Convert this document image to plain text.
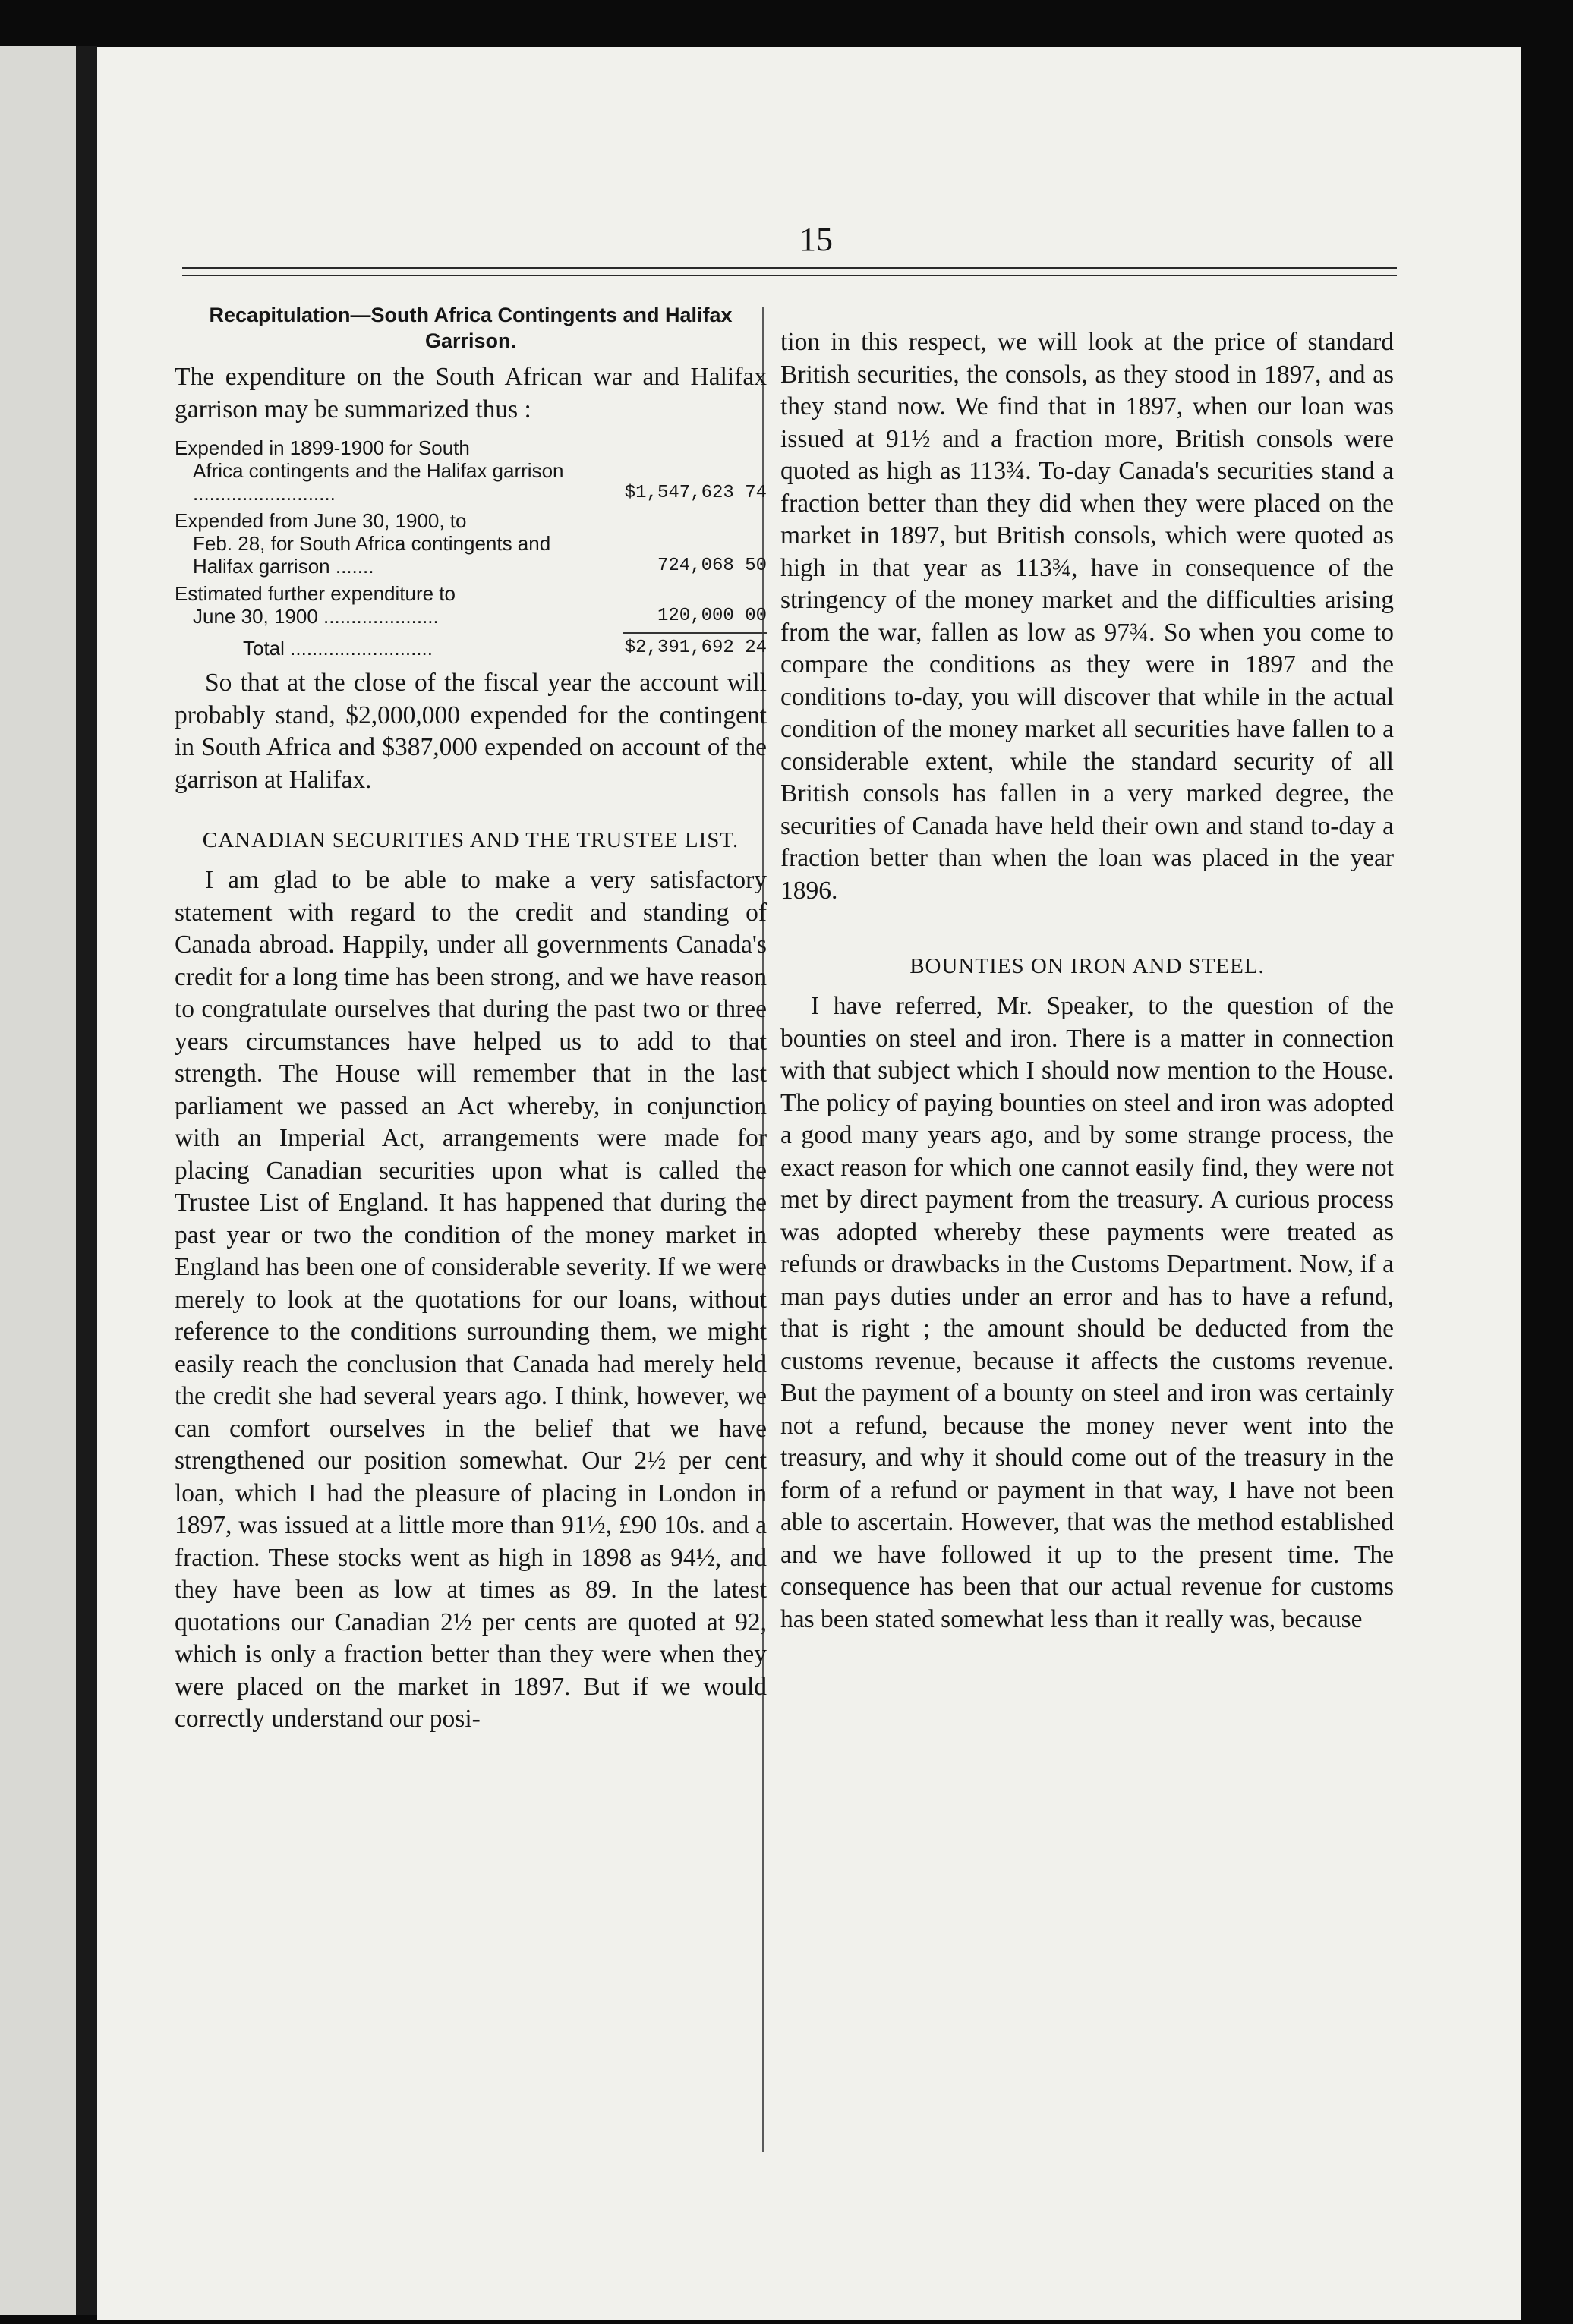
15
Recapitulation—South Africa Contingents and Halifax Garrison.

The expenditure on the South African war and Halifax garrison may be summarized thus :

Expended in 1899-1900 for South
Africa contingents and the Halifax garrison ..........................	$1,547,623 74
Expended from June 30, 1900, to
Feb. 28, for South Africa contingents and Halifax garrison .......	724,068 50
Estimated further expenditure to
June 30, 1900 .....................	120,000 00
Total ..........................	$2,391,692 24

So that at the close of the fiscal year the account will probably stand, $2,000,000 expended for the contingent in South Africa and $387,000 expended on account of the garrison at Halifax.

CANADIAN SECURITIES AND THE TRUSTEE LIST.

I am glad to be able to make a very satisfactory statement with regard to the credit and standing of Canada abroad. Happily, under all governments Canada's credit for a long time has been strong, and we have reason to congratulate ourselves that during the past two or three years circumstances have helped us to add to that strength. The House will remember that in the last parliament we passed an Act whereby, in conjunction with an Imperial Act, arrangements were made for placing Canadian securities upon what is called the Trustee List of England. It has happened that during the past year or two the condition of the money market in England has been one of considerable severity. If we were merely to look at the quotations for our loans, without reference to the conditions surrounding them, we might easily reach the conclusion that Canada had merely held the credit she had several years ago. I think, however, we can comfort ourselves in the belief that we have strengthened our position somewhat. Our 2½ per cent loan, which I had the pleasure of placing in London in 1897, was issued at a little more than 91½, £90 10s. and a fraction. These stocks went as high in 1898 as 94½, and they have been as low at times as 89. In the latest quotations our Canadian 2½ per cents are quoted at 92, which is only a fraction better than they were when they were placed on the market in 1897. But if we would correctly understand our posi-

tion in this respect, we will look at the price of standard British securities, the consols, as they stood in 1897, and as they stand now. We find that in 1897, when our loan was issued at 91½ and a fraction more, British consols were quoted as high as 113¾. To-day Canada's securities stand a fraction better than they did when they were placed on the market in 1897, but British consols, which were quoted as high in that year as 113¾, have in consequence of the stringency of the money market and the difficulties arising from the war, fallen as low as 97¾. So when you come to compare the conditions as they were in 1897 and the conditions to-day, you will discover that while in the actual condition of the money market all securities have fallen to a considerable extent, while the standard security of all British consols has fallen in a very marked degree, the securities of Canada have held their own and stand to-day a fraction better than when the loan was placed in the year 1896.

BOUNTIES ON IRON AND STEEL.

I have referred, Mr. Speaker, to the question of the bounties on steel and iron. There is a matter in connection with that subject which I should now mention to the House. The policy of paying bounties on steel and iron was adopted a good many years ago, and by some strange process, the exact reason for which one cannot easily find, they were not met by direct payment from the treasury. A curious process was adopted whereby these payments were treated as refunds or drawbacks in the Customs Department. Now, if a man pays duties under an error and has to have a refund, that is right ; the amount should be deducted from the customs revenue, because it affects the customs revenue. But the payment of a bounty on steel and iron was certainly not a refund, because the money never went into the treasury, and why it should come out of the treasury in the form of a refund or payment in that way, I have not been able to ascertain. However, that was the method established and we have followed it up to the present time. The consequence has been that our actual revenue for customs has been stated somewhat less than it really was, because
